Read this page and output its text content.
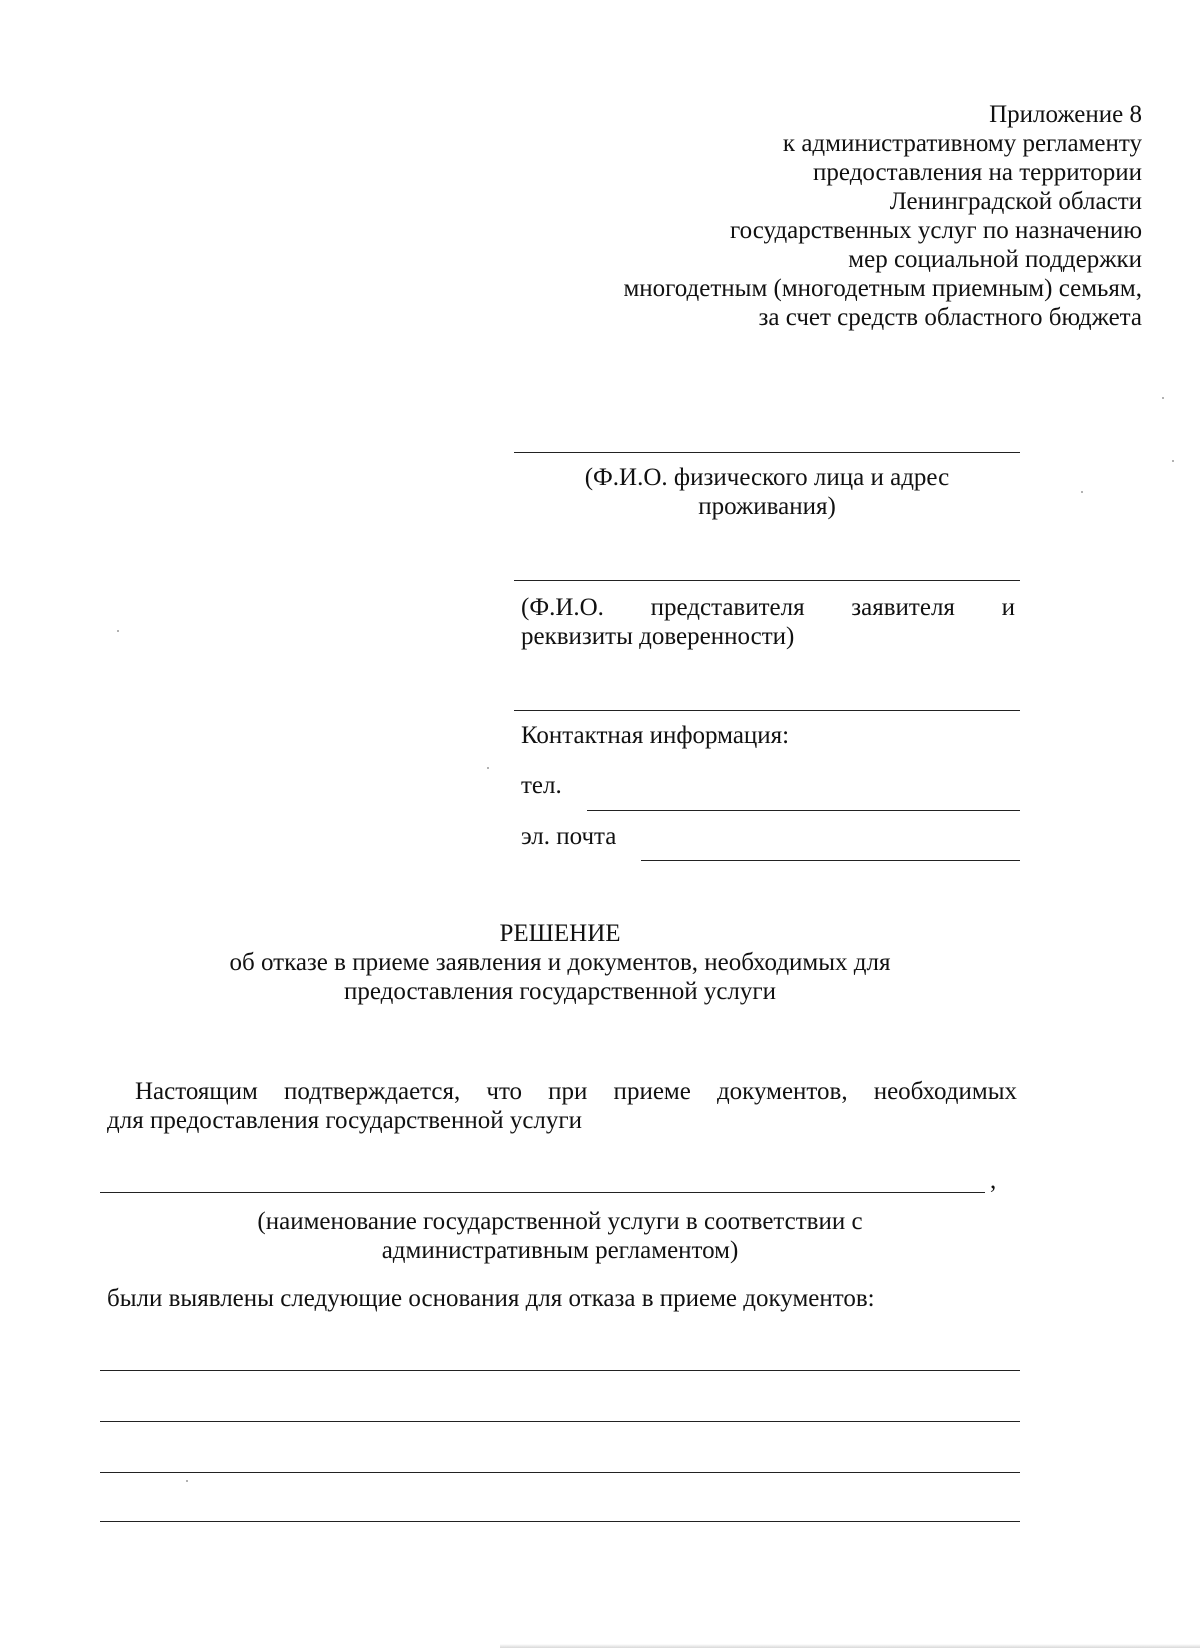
Приложение 8
к административному регламенту
предоставления на территории
Ленинградской области
государственных услуг по назначению
мер социальной поддержки
многодетным (многодетным приемным) семьям,
за счет средств областного бюджета
(Ф.И.О. физического лица и адрес
проживания)
(Ф.И.О. представителя заявителя и
реквизиты доверенности)
Контактная информация:
тел.
эл. почта
РЕШЕНИЕ
об отказе в приеме заявления и документов, необходимых для
предоставления государственной услуги
Настоящим подтверждается, что при приеме документов, необходимых
для предоставления государственной услуги
,
(наименование государственной услуги в соответствии с
административным регламентом)
были выявлены следующие основания для отказа в приеме документов:
